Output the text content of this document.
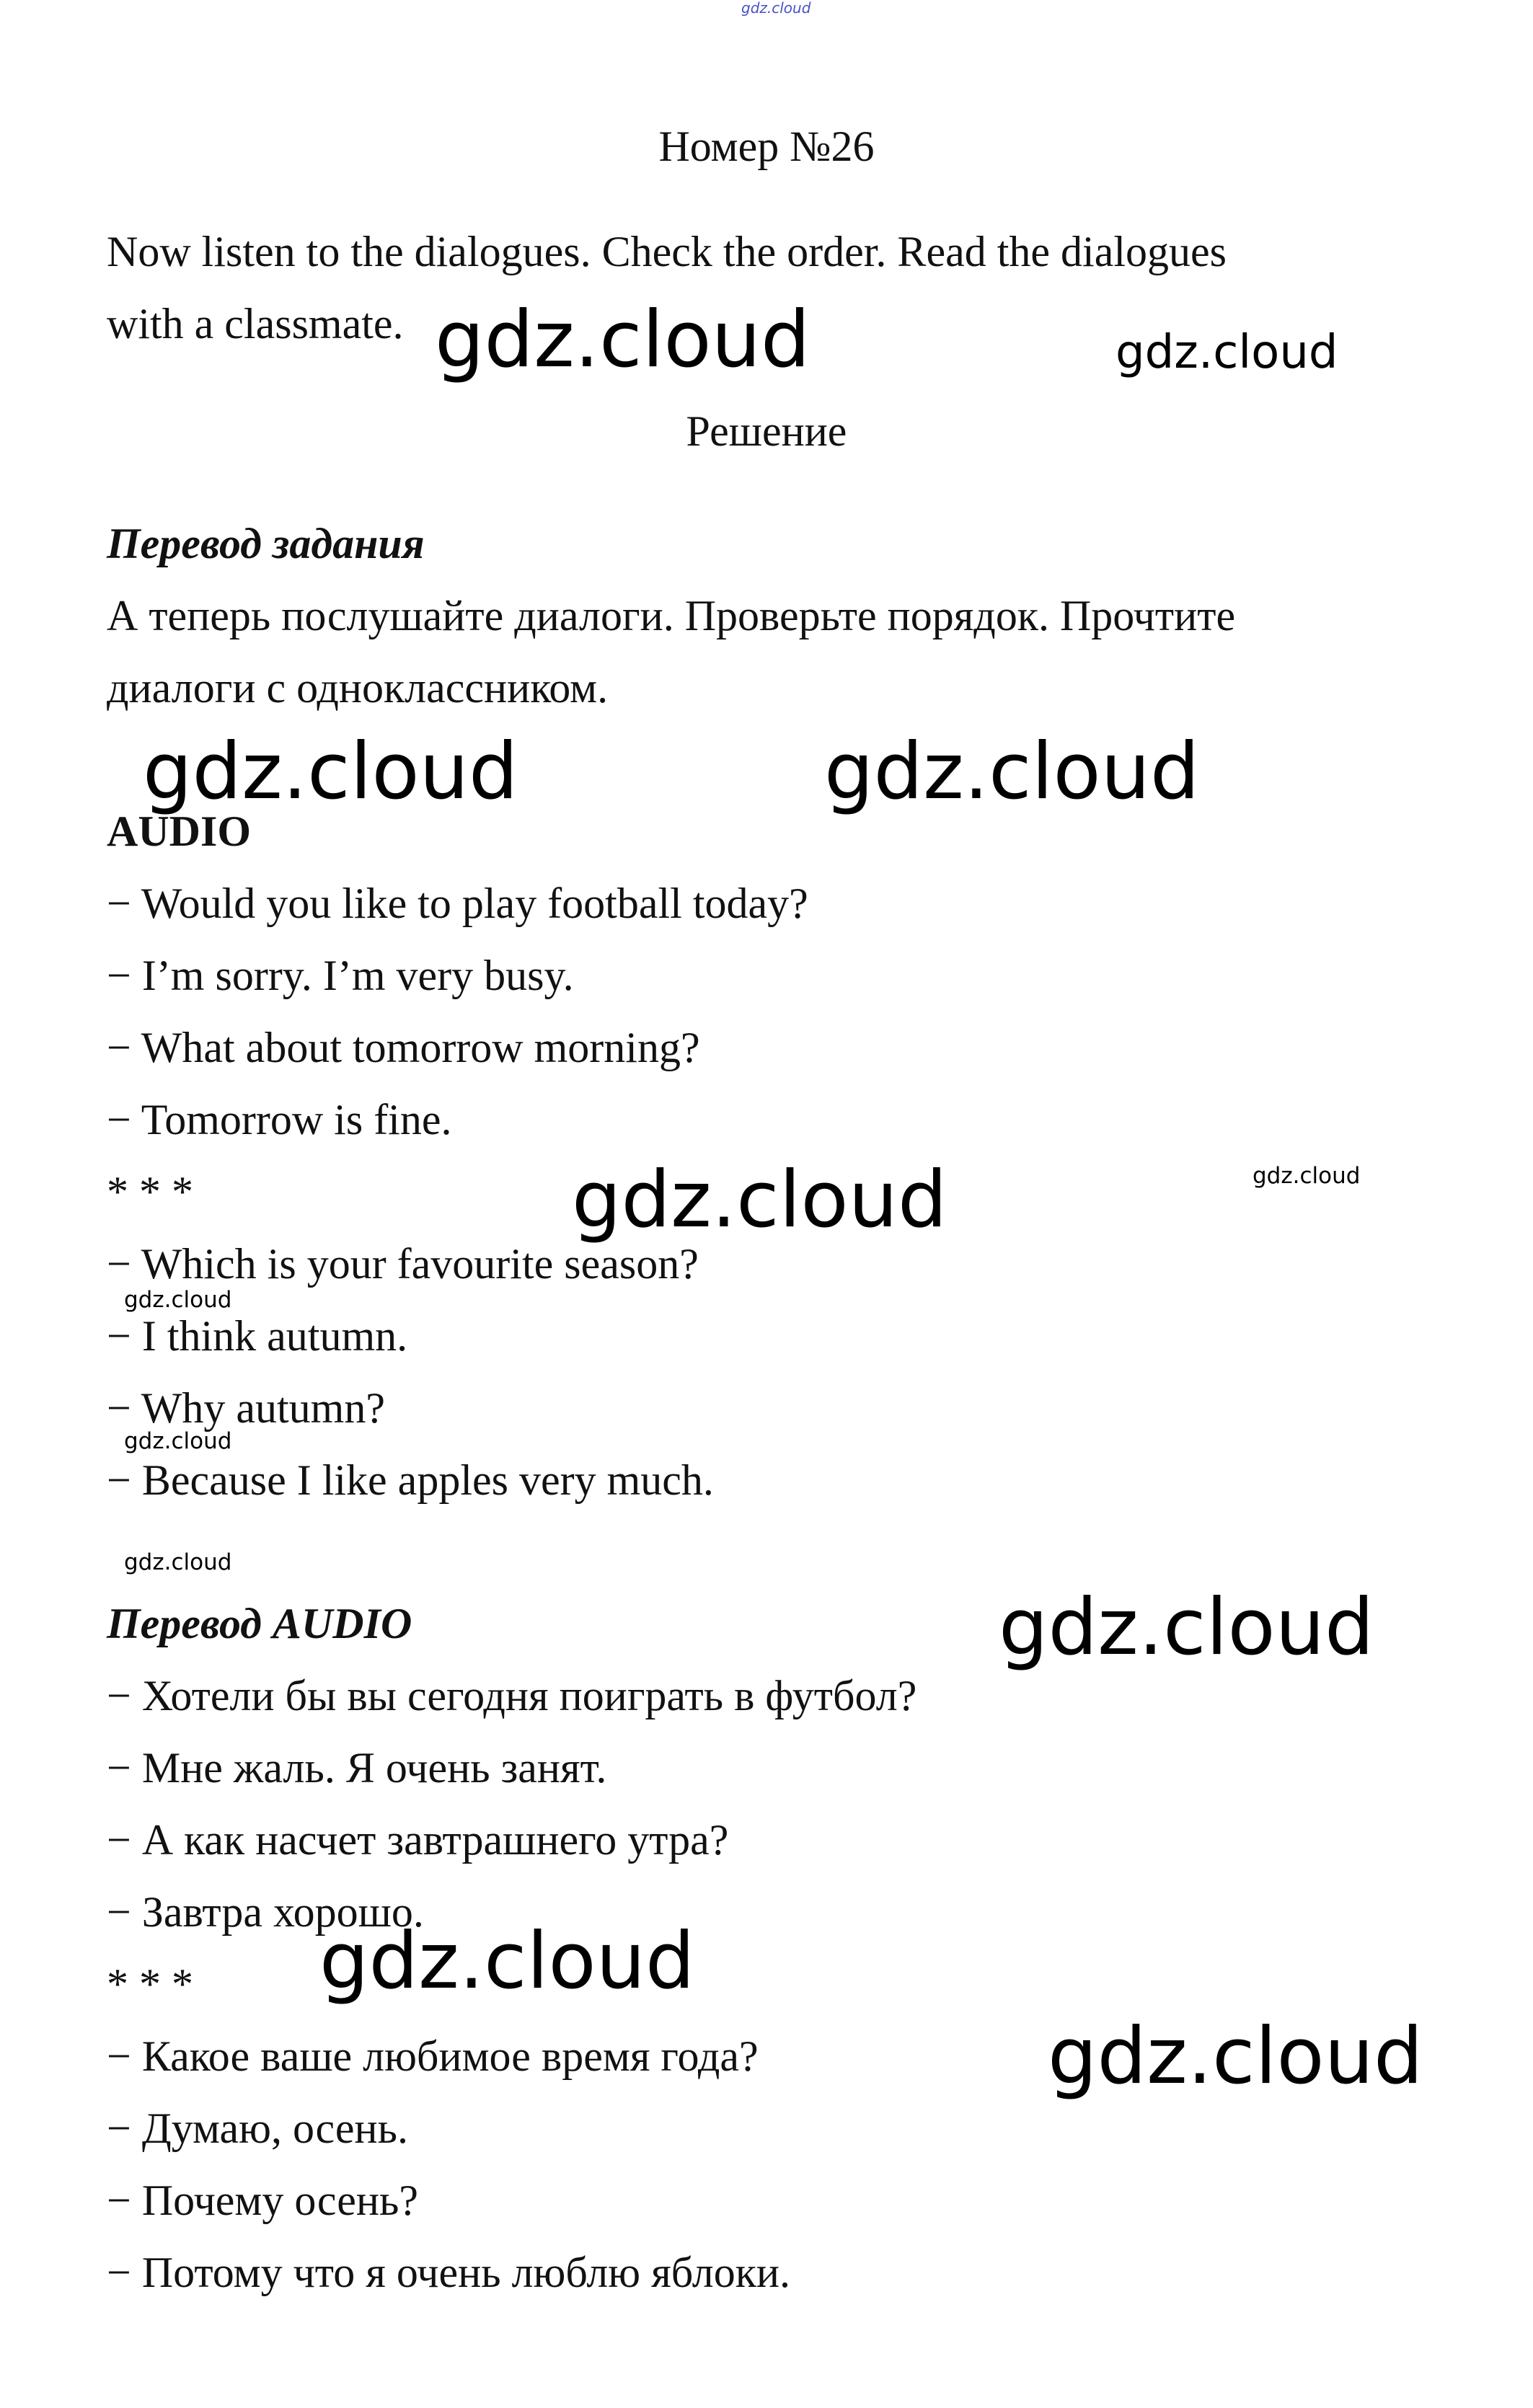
gdz.cloud

Номер №26

Now listen to the dialogues. Check the order. Read the dialogues

with a classmate.

Решение

Перевод задания

А теперь послушайте диалоги. Проверьте порядок. Прочтите

диалоги с одноклассником.

AUDIO

− Would you like to play football today?

− I’m sorry. I’m very busy.

− What about tomorrow morning?

− Tomorrow is fine.

* * *

− Which is your favourite season?

− I think autumn.

− Why autumn?

− Because I like apples very much.

Перевод AUDIO

− Хотели бы вы сегодня поиграть в футбол?

− Мне жаль. Я очень занят.

− А как насчет завтрашнего утра?

− Завтра хорошо.

* * *

− Какое ваше любимое время года?

− Думаю, осень.

− Почему осень?

− Потому что я очень люблю яблоки.

gdz.cloud	gdz.cloud
gdz.cloud	gdz.cloud
gdz.cloud	gdz.cloud
gdz.cloud
gdz.cloud
gdz.cloud
gdz.cloud
gdz.cloud
gdz.cloud
